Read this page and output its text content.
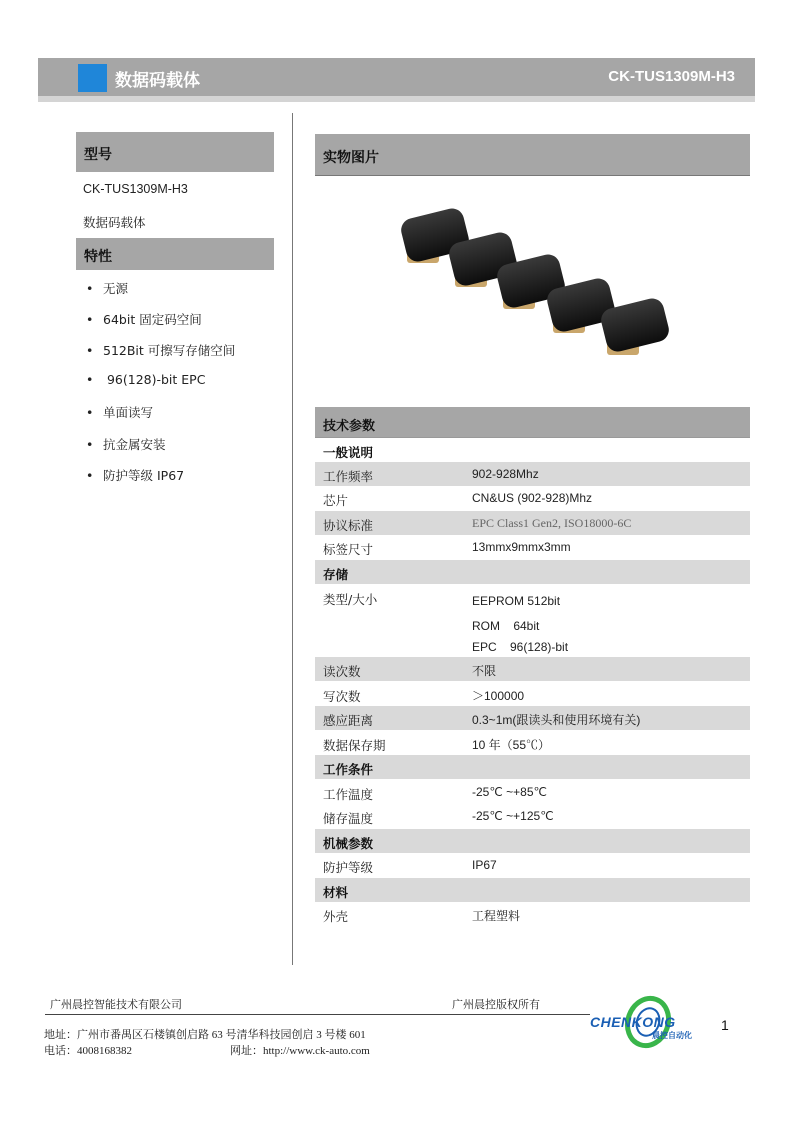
数据码载体	CK-TUS1309M-H3
型号
CK-TUS1309M-H3
数据码载体
特性
• 无源
• 64bit 固定码空间
• 512Bit 可擦写存储空间
• 96(128)-bit EPC
• 单面读写
• 抗金属安装
• 防护等级 IP67
实物图片
技术参数
一般说明
工作频率	902-928Mhz
芯片	CN&US (902-928)Mhz
协议标准	EPC Class1 Gen2, ISO18000-6C
标签尺寸	13mmx9mmx3mm
存储
类型/大小	EEPROM 512bit
ROM    64bit
EPC    96(128)-bit
读次数	不限
写次数	＞100000
感应距离	0.3~1m(跟读头和使用环境有关)
数据保存期	10 年（55℃）
工作条件
工作温度	-25℃ ~+85℃
储存温度	-25℃ ~+125℃
机械参数
防护等级	IP67
材料
外壳	工程塑料
广州晨控智能技术有限公司	广州晨控版权所有
地址：广州市番禺区石楼镇创启路 63 号清华科技园创启 3 号楼 601
电话：4008168382	网址：http://www.ck-auto.com
CHENKONG
晨控自动化
1
